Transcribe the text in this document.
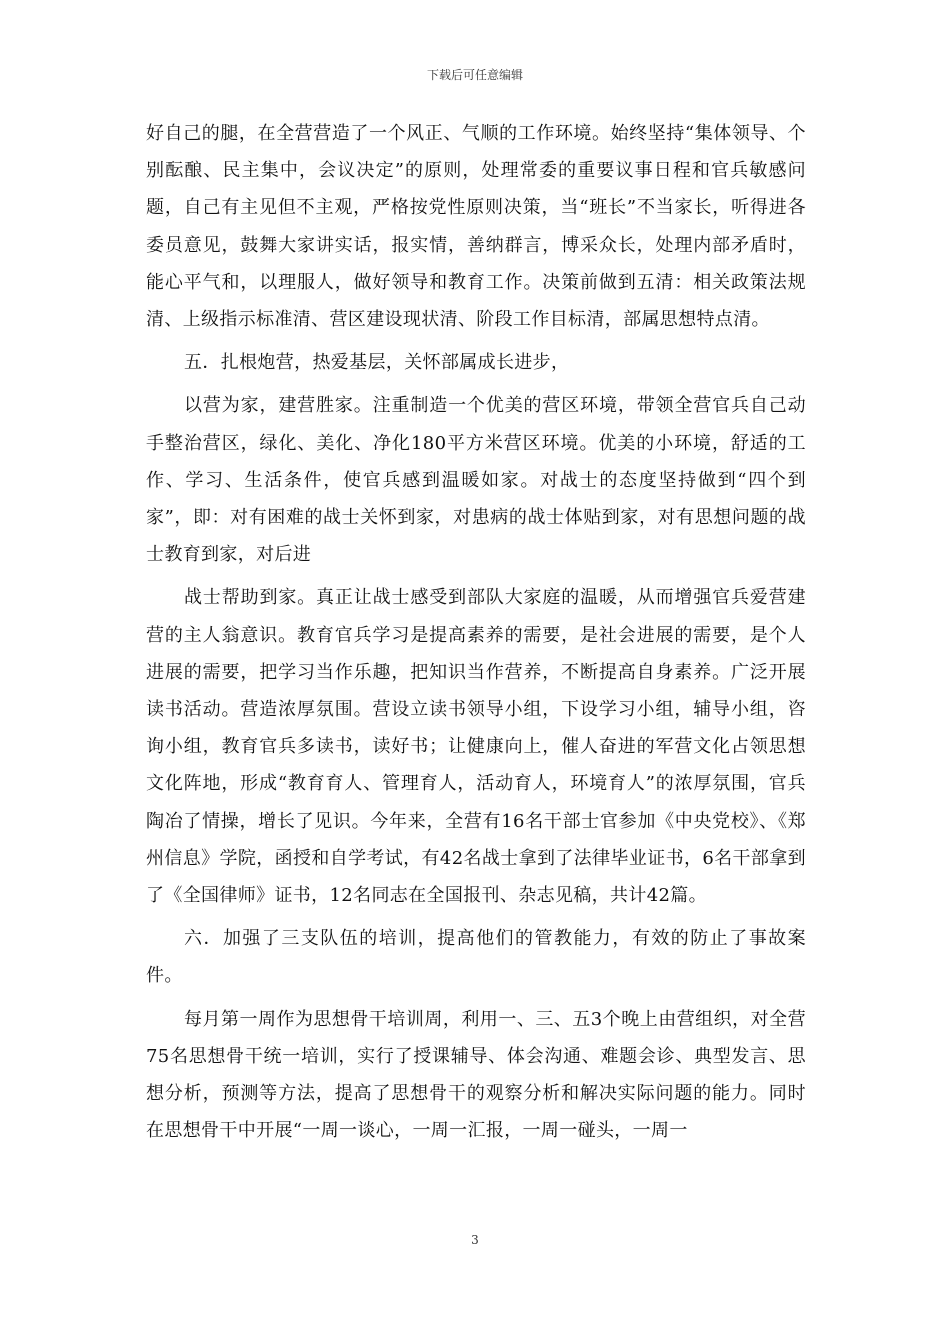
下载后可任意编辑

好自己的腿，在全营营造了一个风正、气顺的工作环境。始终坚持“集体领导、个别酝酿、民主集中，会议决定”的原则，处理常委的重要议事日程和官兵敏感问题，自己有主见但不主观，严格按党性原则决策，当“班长”不当家长，听得进各委员意见，鼓舞大家讲实话，报实情，善纳群言，博采众长，处理内部矛盾时，能心平气和，以理服人，做好领导和教育工作。决策前做到五清：相关政策法规清、上级指示标准清、营区建设现状清、阶段工作目标清，部属思想特点清。

五．扎根炮营，热爱基层，关怀部属成长进步，

以营为家，建营胜家。注重制造一个优美的营区环境，带领全营官兵自己动手整治营区，绿化、美化、净化180平方米营区环境。优美的小环境，舒适的工作、学习、生活条件，使官兵感到温暖如家。对战士的态度坚持做到“四个到家”，即：对有困难的战士关怀到家，对患病的战士体贴到家，对有思想问题的战士教育到家，对后进

战士帮助到家。真正让战士感受到部队大家庭的温暖，从而增强官兵爱营建营的主人翁意识。教育官兵学习是提高素养的需要，是社会进展的需要，是个人进展的需要，把学习当作乐趣，把知识当作营养，不断提高自身素养。广泛开展读书活动。营造浓厚氛围。营设立读书领导小组，下设学习小组，辅导小组，咨询小组，教育官兵多读书，读好书；让健康向上，催人奋进的军营文化占领思想文化阵地，形成“教育育人、管理育人，活动育人，环境育人”的浓厚氛围，官兵陶冶了情操，增长了见识。今年来，全营有16名干部士官参加《中央党校》、《郑州信息》学院，函授和自学考试，有42名战士拿到了法律毕业证书，6名干部拿到了《全国律师》证书，12名同志在全国报刊、杂志见稿，共计42篇。

六．加强了三支队伍的培训，提高他们的管教能力，有效的防止了事故案件。

每月第一周作为思想骨干培训周，利用一、三、五3个晚上由营组织，对全营75名思想骨干统一培训，实行了授课辅导、体会沟通、难题会诊、典型发言、思想分析，预测等方法，提高了思想骨干的观察分析和解决实际问题的能力。同时在思想骨干中开展“一周一谈心，一周一汇报，一周一碰头，一周一

3
